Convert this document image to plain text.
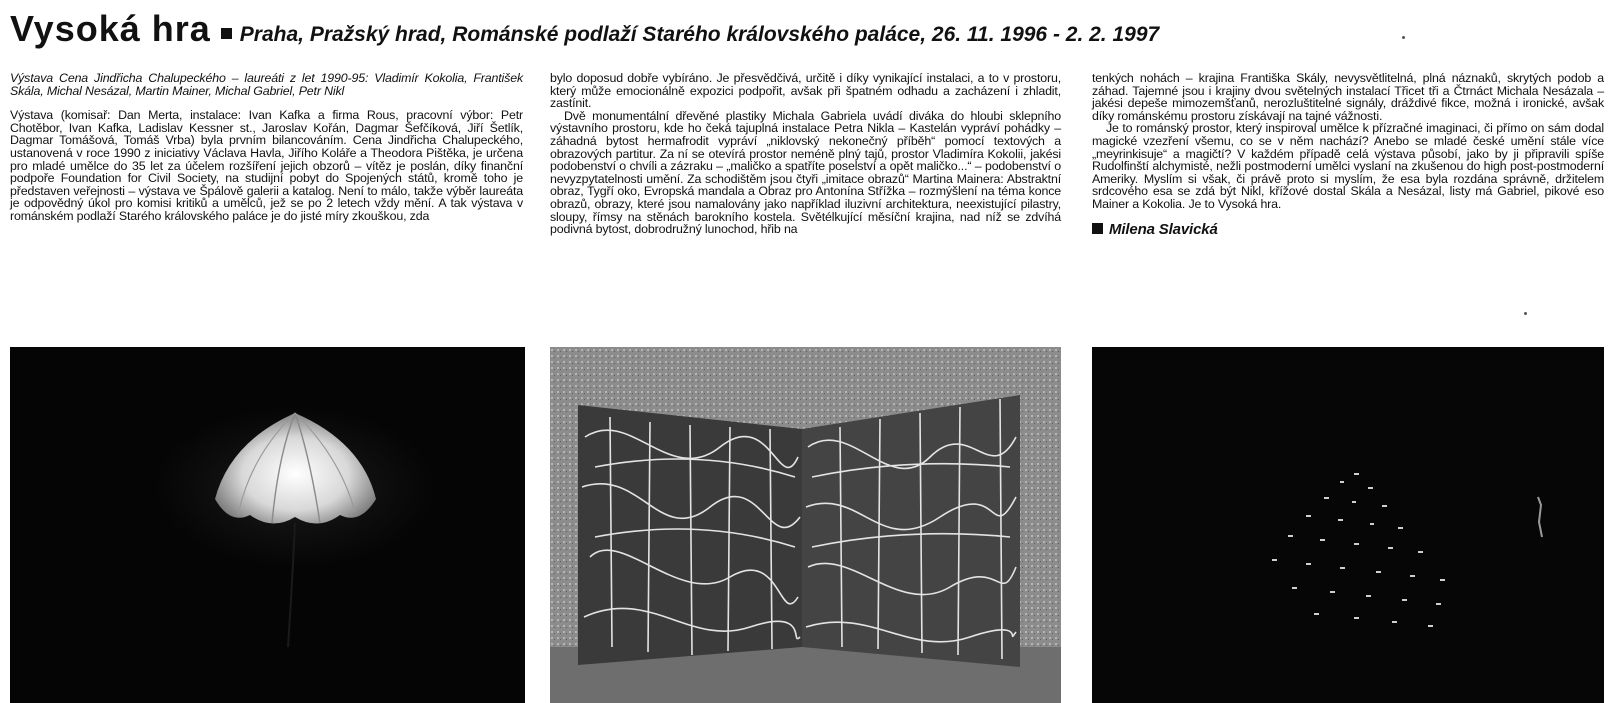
Vysoká hra Praha, Pražský hrad, Románské podlaží Starého královského paláce, 26. 11. 1996 - 2. 2. 1997

Výstava Cena Jindřicha Chalupeckého – laureáti z let 1990-95: Vladimír Kokolia, František Skála, Michal Nesázal, Martin Mainer, Michal Gabriel, Petr Nikl

Výstava (komisař: Dan Merta, instalace: Ivan Kafka a firma Rous, pracovní výbor: Petr Chotěbor, Ivan Kafka, Ladislav Kessner st., Jaroslav Kořán, Dagmar Šefčíková, Jiří Šetlík, Dagmar Tomášová, Tomáš Vrba) byla prvním bilancováním. Cena Jindřicha Chalupeckého, ustanovená v roce 1990 z iniciativy Václava Havla, Jiřího Koláře a Theodora Pištěka, je určena pro mladé umělce do 35 let za účelem rozšíření jejich obzorů – vítěz je poslán, díky finanční podpoře Foundation for Civil Society, na studijní pobyt do Spojených států, kromě toho je představen veřejnosti – výstava ve Špálově galerii a katalog. Není to málo, takže výběr laureáta je odpovědný úkol pro komisi kritiků a umělců, jež se po 2 letech vždy mění. A tak výstava v románském podlaží Starého královského paláce je do jisté míry zkouškou, zda

bylo doposud dobře vybíráno. Je přesvědčivá, určitě i díky vynikající instalaci, a to v prostoru, který může emocionálně expozici podpořit, avšak při špatném odhadu a zacházení i zhladit, zastínit.

Dvě monumentální dřevěné plastiky Michala Gabriela uvádí diváka do hloubi sklepního výstavního prostoru, kde ho čeká tajuplná instalace Petra Nikla – Kastelán vypráví pohádky – záhadná bytost hermafrodit vypráví „niklovský nekonečný příběh“ pomocí textových a obrazových partitur. Za ní se otevírá prostor neméně plný tajů, prostor Vladimíra Kokolii, jakési podobenství o chvíli a zázraku – „maličko a spatříte poselství a opět maličko...“ – podobenství o nevyzpytatelnosti umění. Za schodištěm jsou čtyři „imitace obrazů“ Martina Mainera: Abstraktní obraz, Tygří oko, Evropská mandala a Obraz pro Antonína Střížka – rozmýšlení na téma konce obrazů, obrazy, které jsou namalovány jako například iluzivní architektura, neexistující pilastry, sloupy, římsy na stěnách barokního kostela. Světélkující měsíční krajina, nad níž se zdvíhá podivná bytost, dobrodružný lunochod, hřib na

tenkých nohách – krajina Františka Skály, nevysvětlitelná, plná náznaků, skrytých podob a záhad. Tajemné jsou i krajiny dvou světelných instalací Třicet tři a Čtrnáct Michala Nesázala – jakési depeše mimozemšťanů, nerozluštitelné signály, dráždivé fikce, možná i ironické, avšak díky románskému prostoru získávají na tajné vážnosti.

Je to románský prostor, který inspiroval umělce k přízračné imaginaci, či přímo on sám dodal magické vzezření všemu, co se v něm nachází? Anebo se mladé české umění stále více „meyrinkisuje“ a magičtí? V každém případě celá výstava působí, jako by ji připravili spíše Rudolfinští alchymisté, nežli postmoderní umělci vyslaní na zkušenou do high post-postmoderní Ameriky. Myslím si však, či právě proto si myslím, že esa byla rozdána správně, držitelem srdcového esa se zdá být Nikl, křížové dostal Skála a Nesázal, listy má Gabriel, pikové eso Mainer a Kokolia. Je to Vysoká hra.

Milena Slavická
